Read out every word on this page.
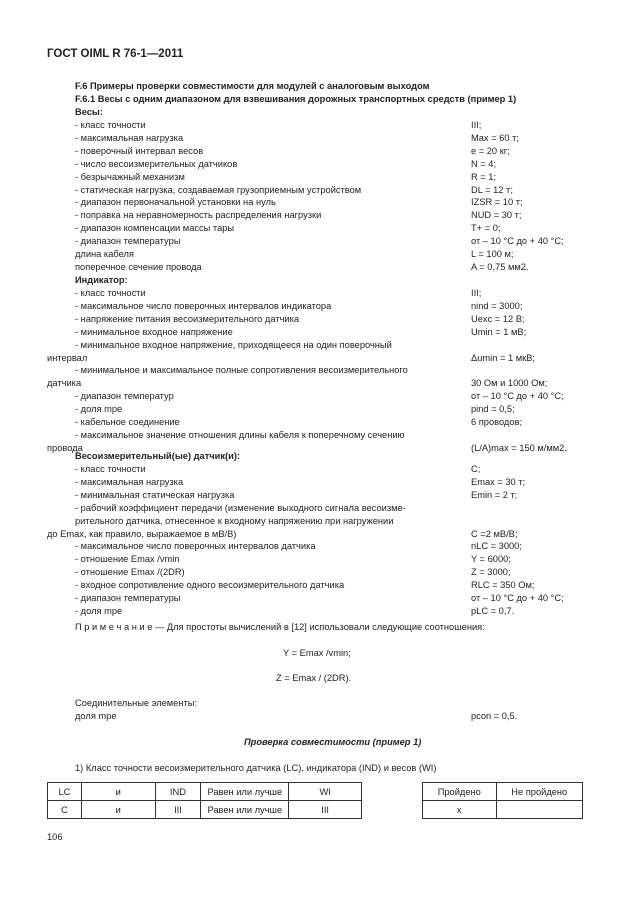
ГОСТ OIML R 76-1—2011
F.6 Примеры проверки совместимости для модулей с аналоговым выходом
F.6.1 Весы с одним диапазоном для взвешивания дорожных транспортных средств (пример 1)
Весы:
- класс точности	III;
- максимальная нагрузка	Max = 60 т;
- поверочный интервал весов	e = 20 кг;
- число весоизмерительных датчиков	N = 4;
- безрычажный механизм	R = 1;
- статическая нагрузка, создаваемая грузоприемным устройством	DL = 12 т;
- диапазон первоначальной установки на нуль	IZSR = 10 т;
- поправка на неравномерность распределения нагрузки	NUD = 30 т;
- диапазон компенсации массы тары	T+ = 0;
- диапазон температуры	от – 10 °C до + 40 °C;
длина кабеля	L = 100 м;
поперечное сечение провода	A = 0,75 мм2.
Индикатор:
- класс точности	III;
- максимальное число поверочных интервалов индикатора	nind = 3000;
- напряжение питания весоизмерительного датчика	Uexc = 12 В;
- минимальное входное напряжение	Umin = 1 мВ;
- минимальное входное напряжение, приходящееся на один поверочный
интервал	Δumin = 1 мкВ;
- минимальное и максимальное полные сопротивления весоизмерительного
датчика	30 Ом и 1000 Ом;
- диапазон температур	от – 10 °C до + 40 °C;
- доля mpe	pind = 0,5;
- кабельное соединение	6 проводов;
- максимальное значение отношения длины кабеля к поперечному сечению
провода	(L/A)max = 150 м/мм2.
Весоизмерительный(ые) датчик(и):
- класс точности	C;
- максимальная нагрузка	Emax = 30 т;
- минимальная статическая нагрузка	Emin = 2 т;
- рабочий коэффициент передачи (изменение выходного сигнала весоизме-
рительного датчика, отнесенное к входному напряжению при нагружении
до Emax, как правило, выражаемое в мВ/В)	C =2 мВ/В;
- максимальное число поверочных интервалов датчика	nLC = 3000;
- отношение Emax /vmin	Y = 6000;
- отношение Emax /(2DR)	Z = 3000;
- входное сопротивление одного весоизмерительного датчика	RLC = 350 Ом;
- диапазон температуры	от – 10 °C до + 40 °C;
- доля mpe	pLC = 0,7.
П р и м е ч а н и е — Для простоты вычислений в [12] использовали следующие соотношения:
Y = Emax /vmin;
Z = Emax / (2DR).
Соединительные элементы:
доля mpe	pcon = 0,5.
Проверка совместимости (пример 1)
1) Класс точности весоизмерительного датчика (LC), индикатора (IND) и весов (WI)
LC	и	IND	Равен или лучше	WI
C	и	III	Равен или лучше	III
Пройдено	Не пройдено
x	
106
